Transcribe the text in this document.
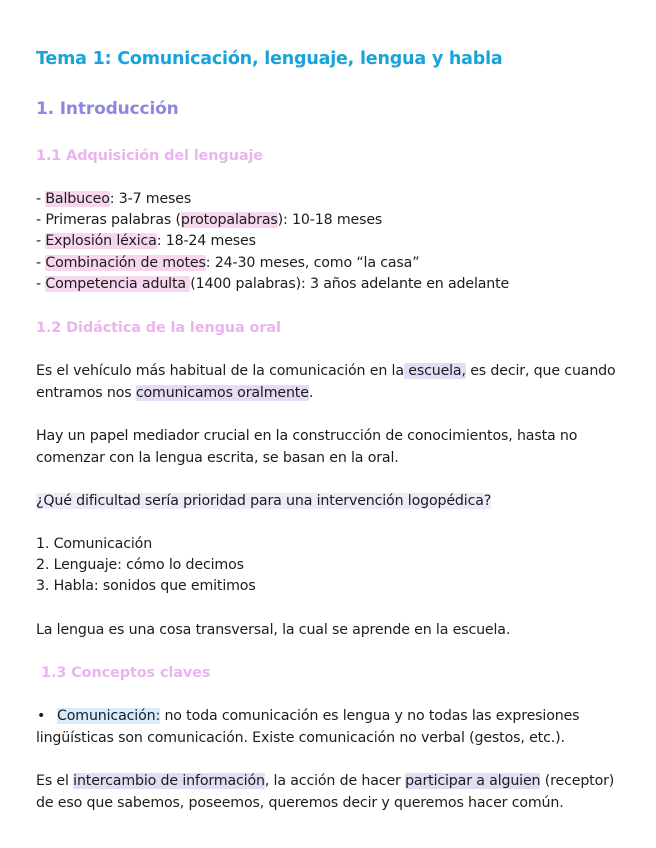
Tema 1: Comunicación, lenguaje, lengua y habla
1. Introducción
1.1 Adquisición del lenguaje
- Balbuceo: 3-7 meses
- Primeras palabras (protopalabras): 10-18 meses
- Explosión léxica: 18-24 meses
- Combinación de motes: 24-30 meses, como “la casa”
- Competencia adulta (1400 palabras): 3 años adelante en adelante
1.2 Didáctica de la lengua oral
Es el vehículo más habitual de la comunicación en la escuela, es decir, que cuando
entramos nos comunicamos oralmente.
Hay un papel mediador crucial en la construcción de conocimientos, hasta no
comenzar con la lengua escrita, se basan en la oral.
¿Qué dificultad sería prioridad para una intervención logopédica?
1. Comunicación
2. Lenguaje: cómo lo decimos
3. Habla: sonidos que emitimos
La lengua es una cosa transversal, la cual se aprende en la escuela.
1.3 Conceptos claves
• Comunicación: no toda comunicación es lengua y no todas las expresiones
lingüísticas son comunicación. Existe comunicación no verbal (gestos, etc.).
Es el intercambio de información, la acción de hacer participar a alguien (receptor)
de eso que sabemos, poseemos, queremos decir y queremos hacer común.
